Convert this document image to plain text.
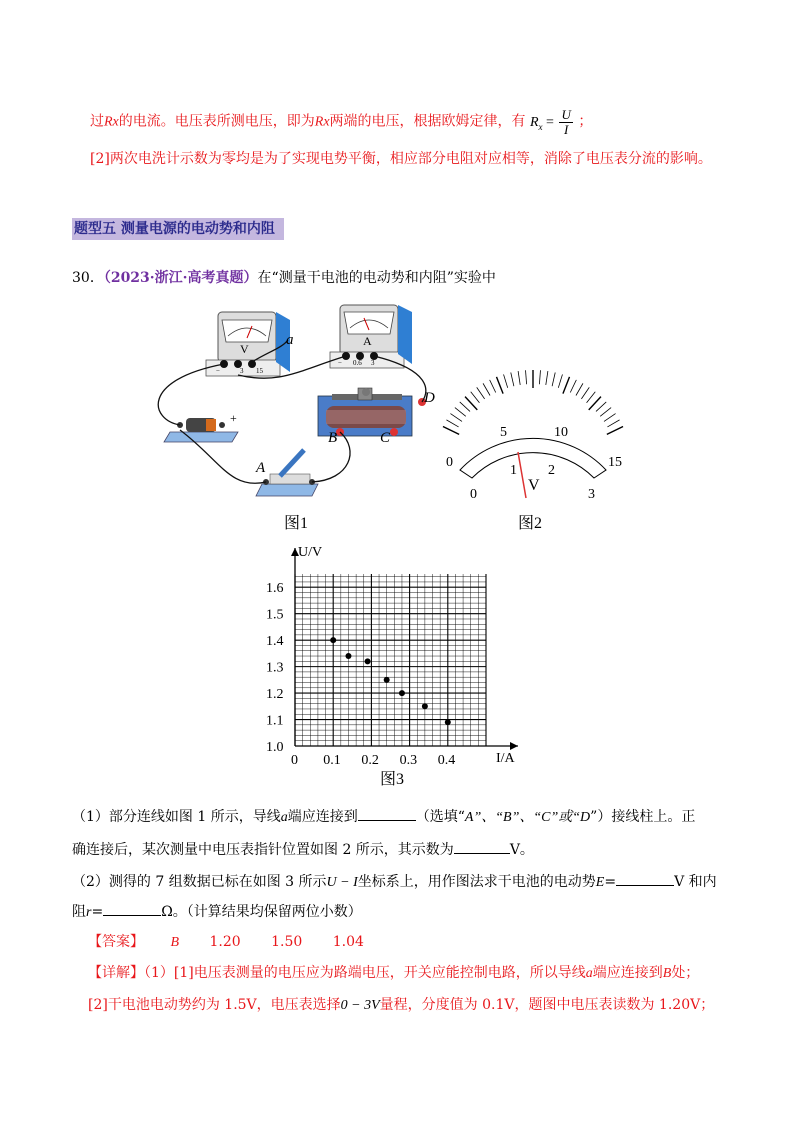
过Rx的电流。电压表所测电压，即为Rx两端的电压，根据欧姆定律，有 $R_x = \frac{U}{I}$ ；
[2]两次电洗计示数为零均是为了实现电势平衡，相应部分电阻对应相等，消除了电压表分流的影响。
题型五 测量电源的电动势和内阻
30．（2023·浙江·高考真题）在“测量干电池的电动势和内阻”实验中
V
−	3 15
A
− 0.6 3
a
+
D
B	C
A
图1
0
5	10
15
0
1 2
3
V
图2
1.0
1.1
1.2
1.3
1.4
1.5
1.6
0 0.1 0.2 0.3 0.4
U/V
I/A
图3
（1）部分连线如图 1 所示，导线a端应连接到	（选填“A”、“B”、“C”或“D”）接线柱上。正
确连接后，某次测量中电压表指针位置如图 2 所示，其示数为	V。
（2）测得的 7 组数据已标在如图 3 所示U − I坐标系上，用作图法求干电池的电动势E=	V 和内
阻r=	Ω。（计算结果均保留两位小数）
【答案】 B 1.20 1.50 1.04
【详解】（1）[1]电压表测量的电压应为路端电压，开关应能控制电路，所以导线a端应连接到B处；
[2]干电池电动势约为 1.5V，电压表选择0 − 3V量程，分度值为 0.1V，题图中电压表读数为 1.20V；
